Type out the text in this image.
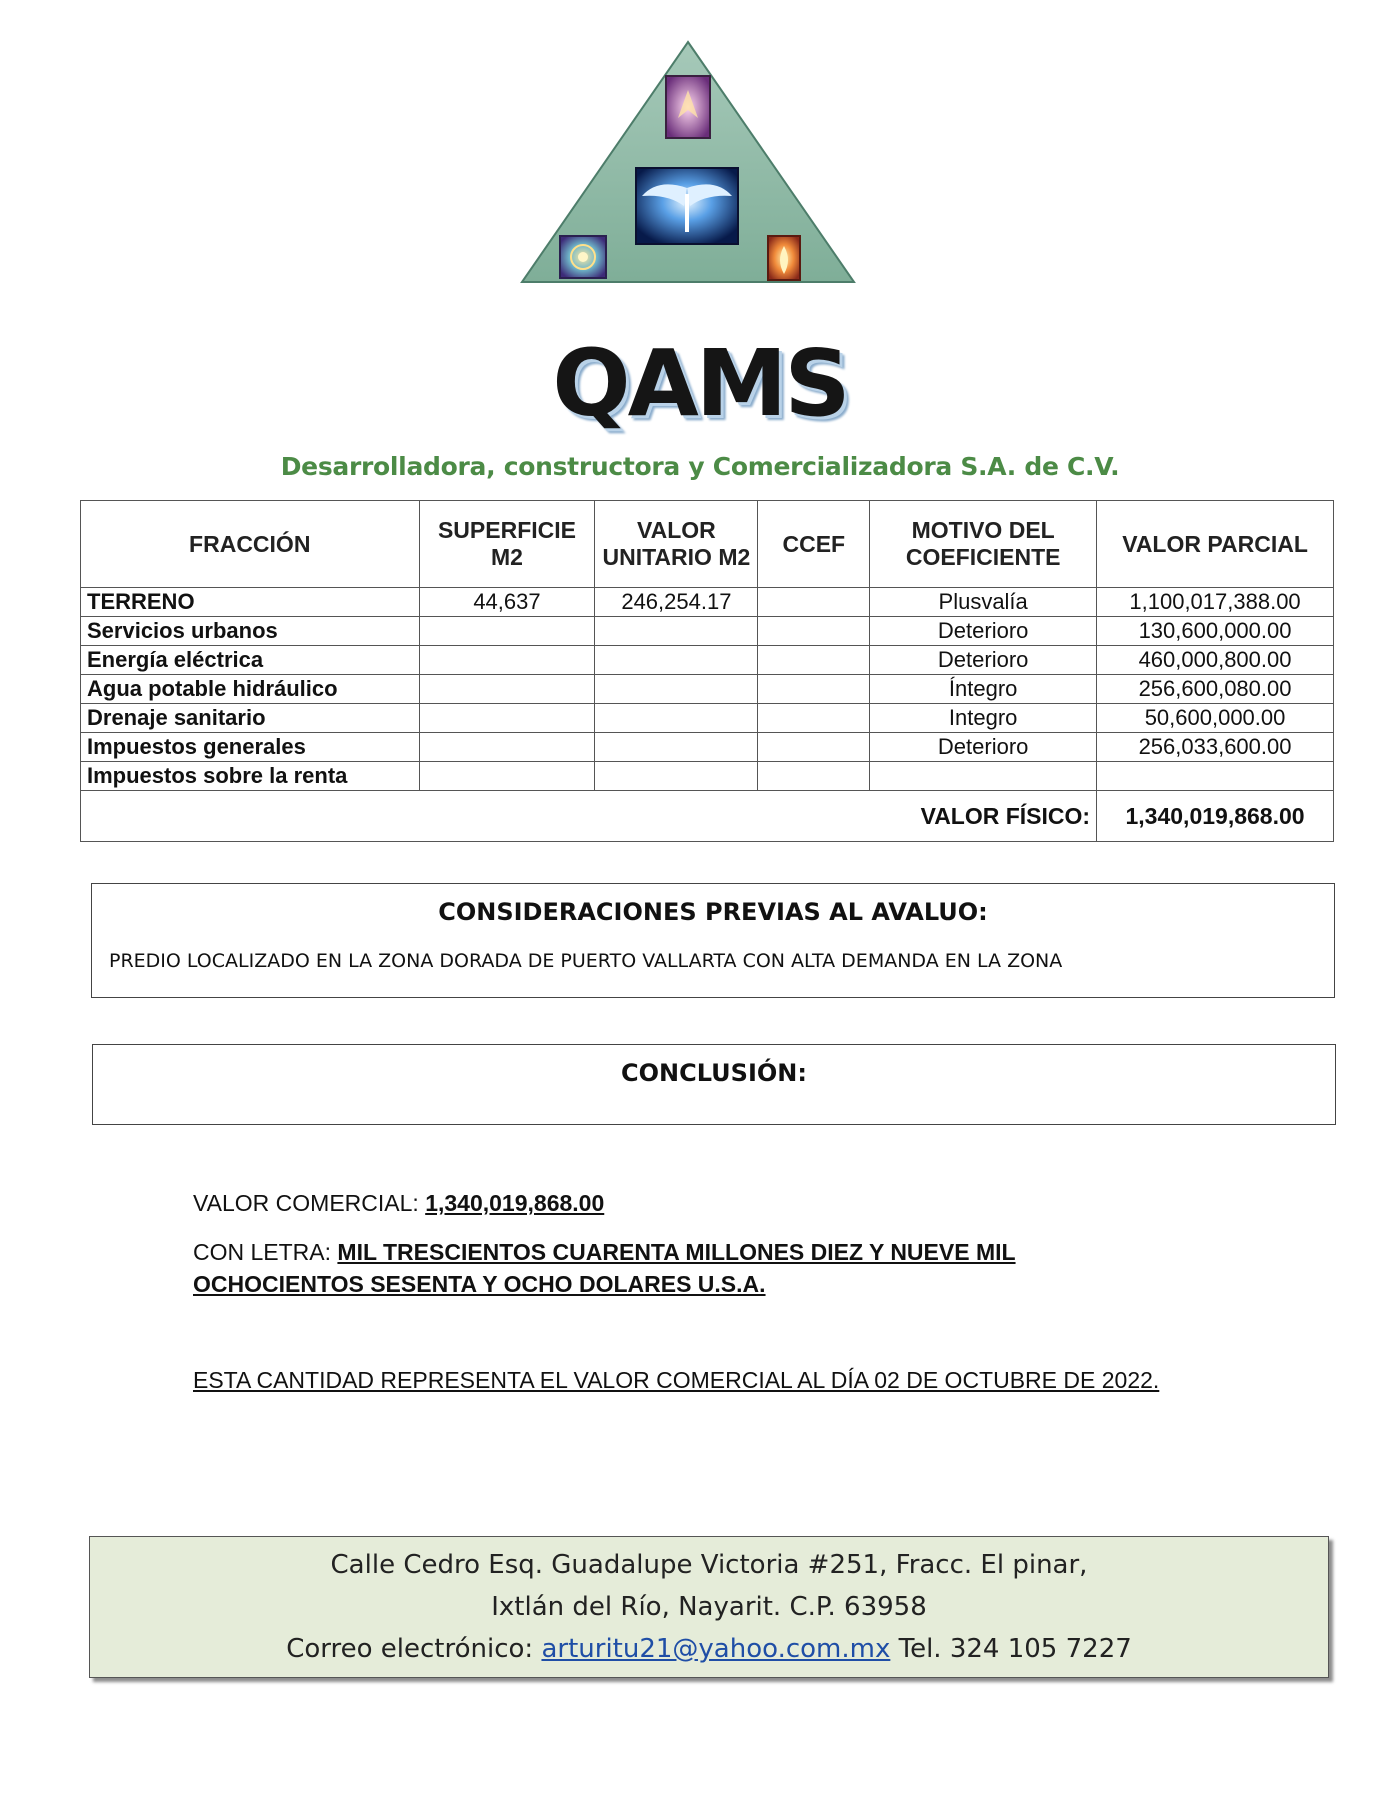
QAMS
Desarrolladora, constructora y Comercializadora S.A. de C.V.
FRACCIÓN	SUPERFICIE M2	VALOR UNITARIO M2	CCEF	MOTIVO DEL COEFICIENTE	VALOR PARCIAL
TERRENO	44,637	246,254.17		Plusvalía	1,100,017,388.00
Servicios urbanos				Deterioro	130,600,000.00
Energía eléctrica				Deterioro	460,000,800.00
Agua potable hidráulico				Íntegro	256,600,080.00
Drenaje sanitario				Integro	50,600,000.00
Impuestos generales				Deterioro	256,033,600.00
Impuestos sobre la renta					
VALOR FÍSICO:					1,340,019,868.00
CONSIDERACIONES PREVIAS AL AVALUO:
PREDIO LOCALIZADO EN LA ZONA DORADA DE PUERTO VALLARTA CON ALTA DEMANDA EN LA ZONA
CONCLUSIÓN:
VALOR COMERCIAL: 1,340,019,868.00
CON LETRA: MIL TRESCIENTOS CUARENTA MILLONES DIEZ Y NUEVE MIL OCHOCIENTOS SESENTA Y OCHO DOLARES U.S.A.
ESTA CANTIDAD REPRESENTA EL VALOR COMERCIAL AL DÍA 02 DE OCTUBRE DE 2022.
Calle Cedro Esq. Guadalupe Victoria #251, Fracc. El pinar,
Ixtlán del Río, Nayarit. C.P. 63958
Correo electrónico: arturitu21@yahoo.com.mx Tel. 324 105 7227
